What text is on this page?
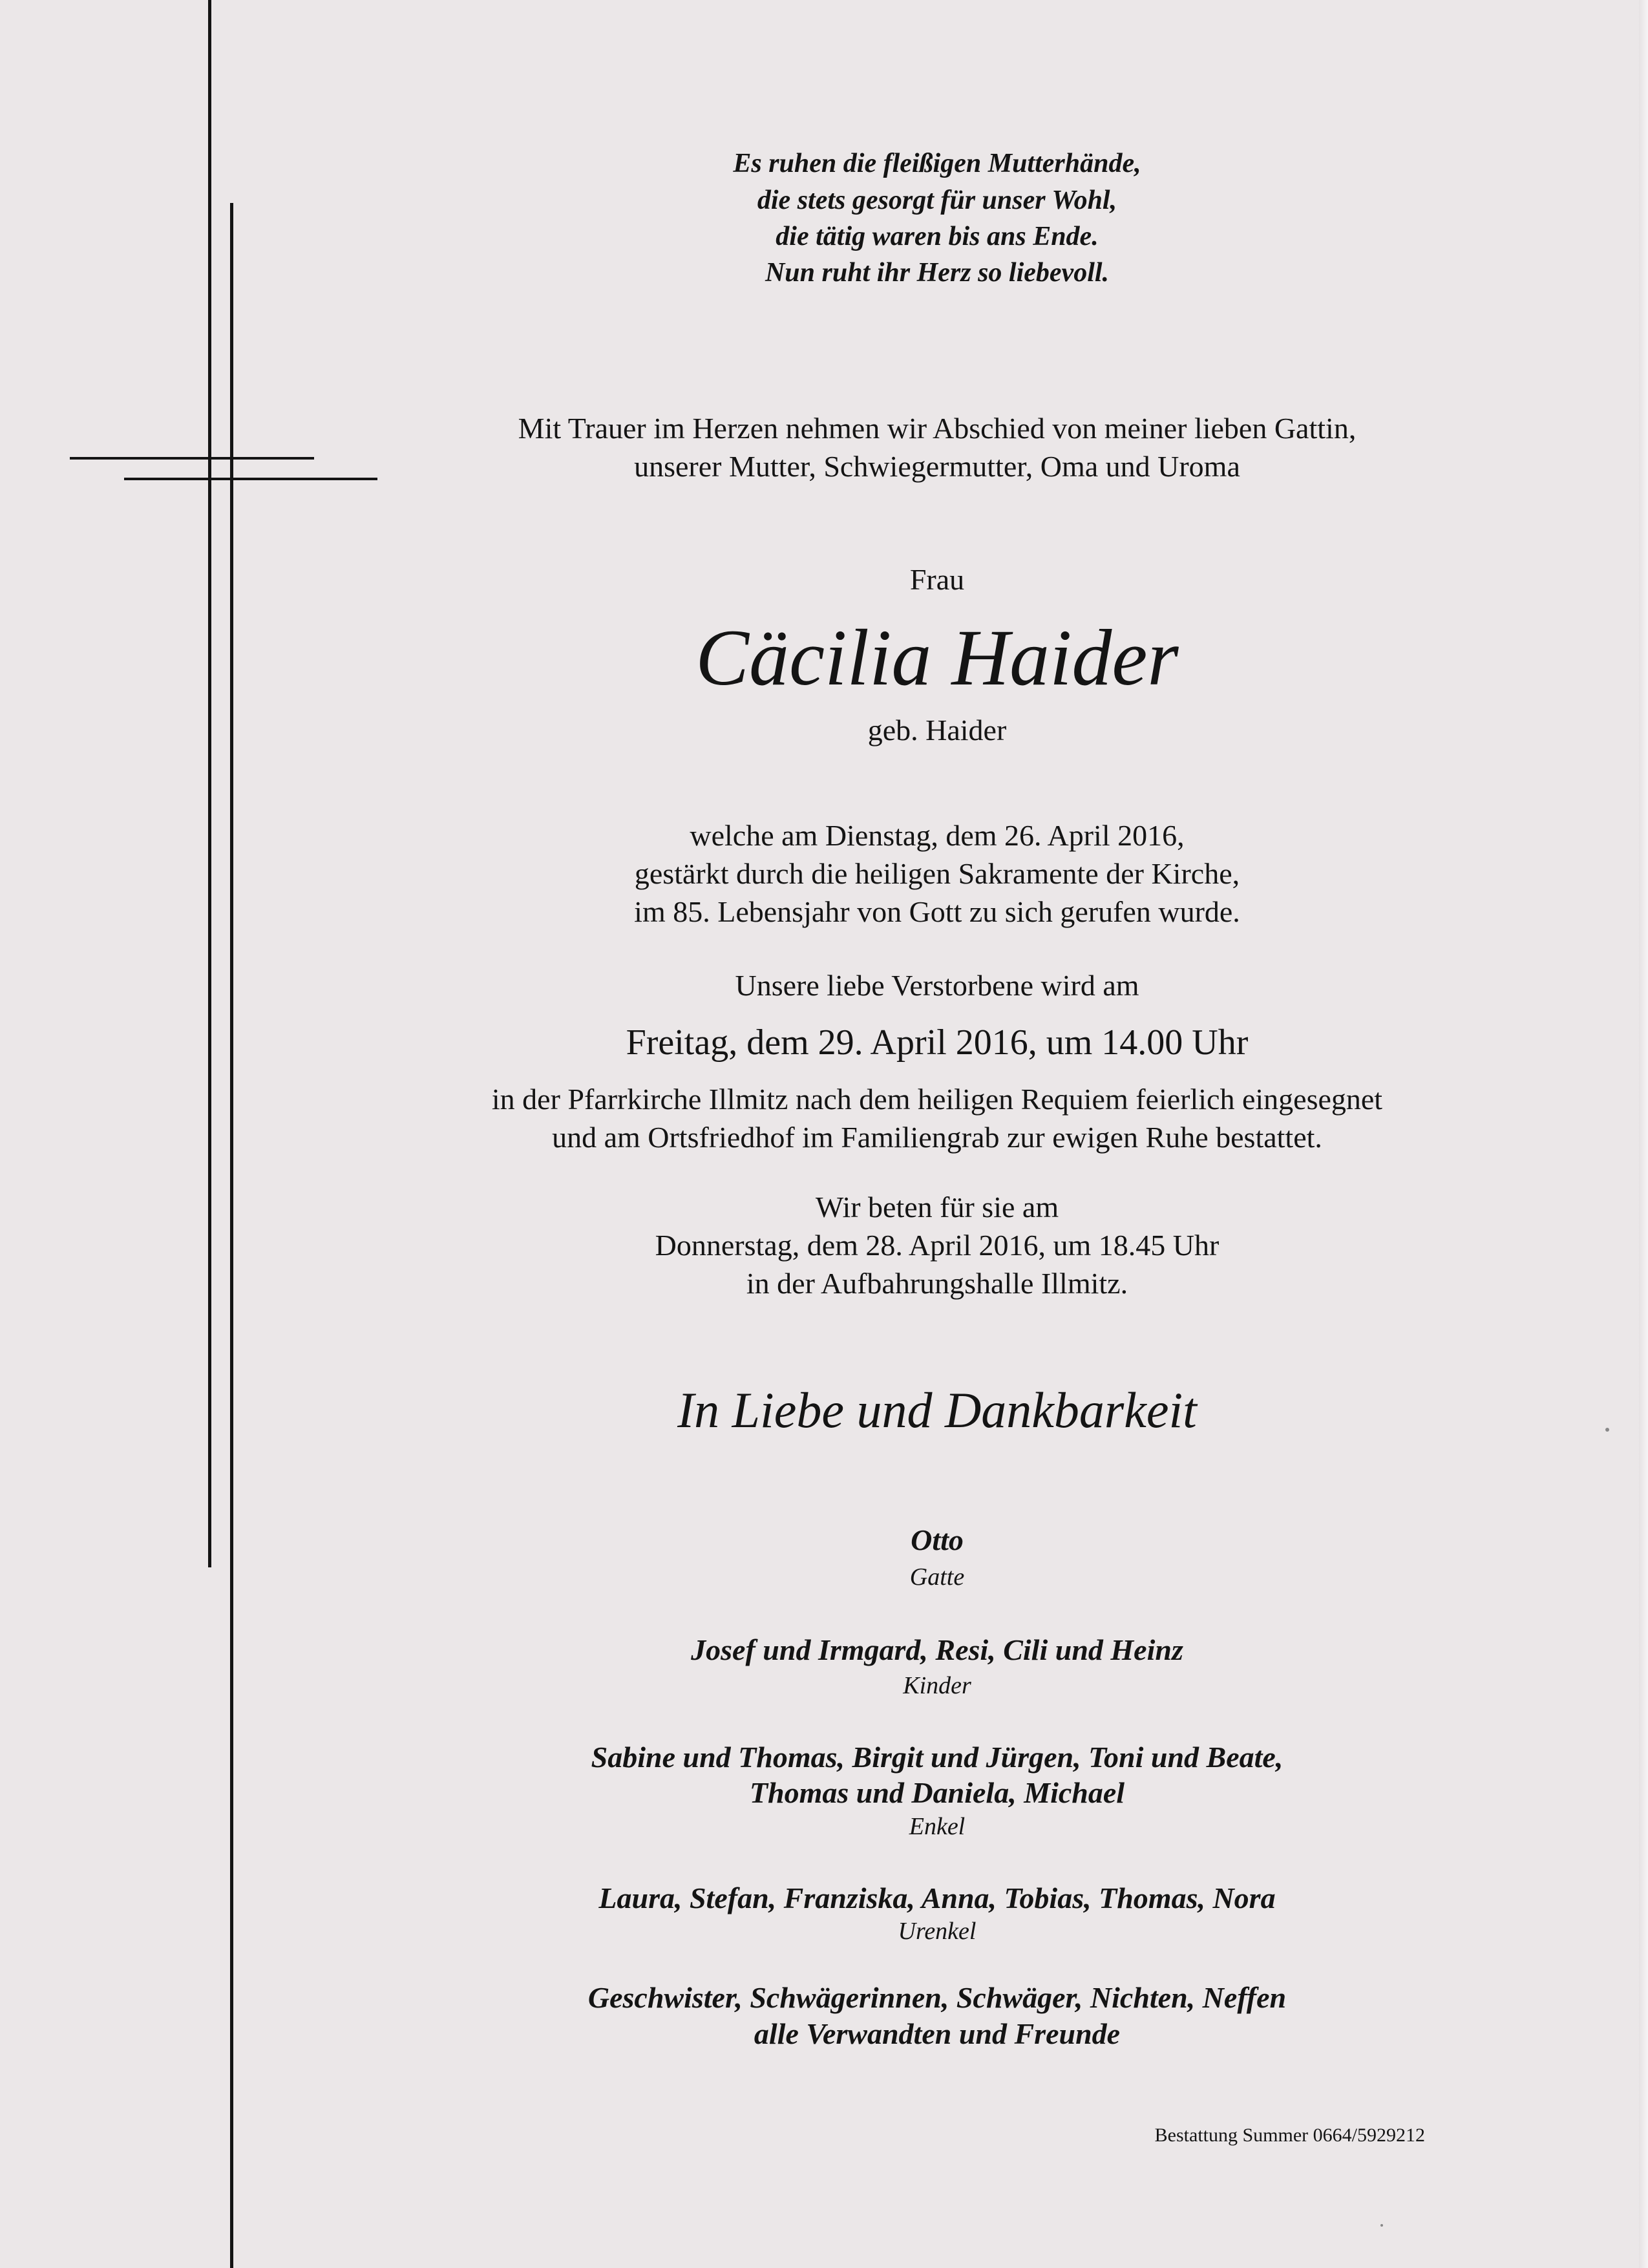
Es ruhen die fleißigen Mutterhände,
die stets gesorgt für unser Wohl,
die tätig waren bis ans Ende.
Nun ruht ihr Herz so liebevoll.
Mit Trauer im Herzen nehmen wir Abschied von meiner lieben Gattin,
unserer Mutter, Schwiegermutter, Oma und Uroma
Frau
Cäcilia Haider
geb. Haider
welche am Dienstag, dem 26. April 2016,
gestärkt durch die heiligen Sakramente der Kirche,
im 85. Lebensjahr von Gott zu sich gerufen wurde.
Unsere liebe Verstorbene wird am
Freitag, dem 29. April 2016, um 14.00 Uhr
in der Pfarrkirche Illmitz nach dem heiligen Requiem feierlich eingesegnet
und am Ortsfriedhof im Familiengrab zur ewigen Ruhe bestattet.
Wir beten für sie am
Donnerstag, dem 28. April 2016, um 18.45 Uhr
in der Aufbahrungshalle Illmitz.
In Liebe und Dankbarkeit
Otto
Gatte
Josef und Irmgard, Resi, Cili und Heinz
Kinder
Sabine und Thomas, Birgit und Jürgen, Toni und Beate,
Thomas und Daniela, Michael
Enkel
Laura, Stefan, Franziska, Anna, Tobias, Thomas, Nora
Urenkel
Geschwister, Schwägerinnen, Schwäger, Nichten, Neffen
alle Verwandten und Freunde
Bestattung Summer 0664/5929212
